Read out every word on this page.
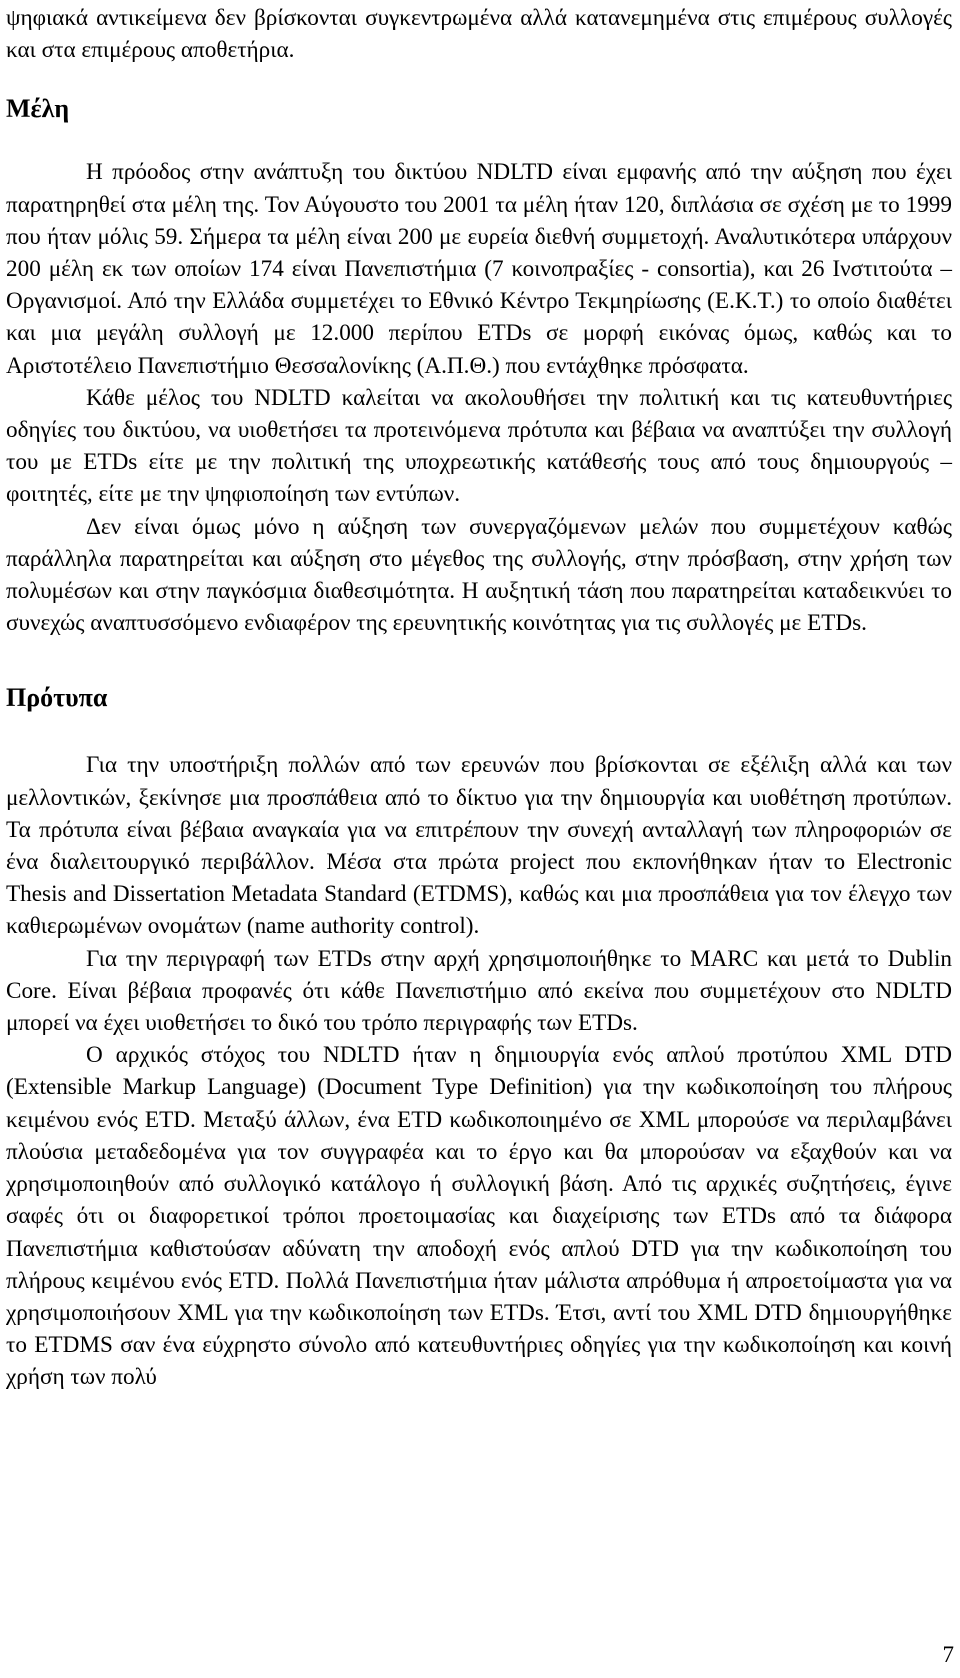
ψηφιακά αντικείμενα δεν βρίσκονται συγκεντρωμένα αλλά κατανεμημένα στις επιμέρους συλλογές και στα επιμέρους αποθετήρια.

Μέλη

Η πρόοδος στην ανάπτυξη του δικτύου NDLTD είναι εμφανής από την αύξηση που έχει παρατηρηθεί στα μέλη της. Τον Αύγουστο του 2001 τα μέλη ήταν 120, διπλάσια σε σχέση με το 1999 που ήταν μόλις 59. Σήμερα τα μέλη είναι 200 με ευρεία διεθνή συμμετοχή. Αναλυτικότερα υπάρχουν 200 μέλη εκ των οποίων 174 είναι Πανεπιστήμια (7 κοινοπραξίες - consortia), και 26 Ινστιτούτα – Οργανισμοί. Από την Ελλάδα συμμετέχει το Εθνικό Κέντρο Τεκμηρίωσης (Ε.Κ.Τ.) το οποίο διαθέτει και μια μεγάλη συλλογή με 12.000 περίπου ETDs σε μορφή εικόνας όμως, καθώς και το Αριστοτέλειο Πανεπιστήμιο Θεσσαλονίκης (Α.Π.Θ.) που εντάχθηκε πρόσφατα.

Κάθε μέλος του NDLTD καλείται να ακολουθήσει την πολιτική και τις κατευθυντήριες οδηγίες του δικτύου, να υιοθετήσει τα προτεινόμενα πρότυπα και βέβαια να αναπτύξει την συλλογή του με ETDs είτε με την πολιτική της υποχρεωτικής κατάθεσής τους από τους δημιουργούς – φοιτητές, είτε με την ψηφιοποίηση των εντύπων.

Δεν είναι όμως μόνο η αύξηση των συνεργαζόμενων μελών που συμμετέχουν καθώς παράλληλα παρατηρείται και αύξηση στο μέγεθος της συλλογής, στην πρόσβαση, στην χρήση των πολυμέσων και στην παγκόσμια διαθεσιμότητα. Η αυξητική τάση που παρατηρείται καταδεικνύει το συνεχώς αναπτυσσόμενο ενδιαφέρον της ερευνητικής κοινότητας για τις συλλογές με ETDs.

Πρότυπα

Για την υποστήριξη πολλών από των ερευνών που βρίσκονται σε εξέλιξη αλλά και των μελλοντικών, ξεκίνησε μια προσπάθεια από το δίκτυο για την δημιουργία και υιοθέτηση προτύπων. Τα πρότυπα είναι βέβαια αναγκαία για να επιτρέπουν την συνεχή ανταλλαγή των πληροφοριών σε ένα διαλειτουργικό περιβάλλον. Μέσα στα πρώτα project που εκπονήθηκαν ήταν το Electronic Thesis and Dissertation Metadata Standard (ETDMS), καθώς και μια προσπάθεια για τον έλεγχο των καθιερωμένων ονομάτων (name authority control).

Για την περιγραφή των ETDs στην αρχή χρησιμοποιήθηκε το MARC και μετά το Dublin Core. Είναι βέβαια προφανές ότι κάθε Πανεπιστήμιο από εκείνα που συμμετέχουν στο NDLTD μπορεί να έχει υιοθετήσει το δικό του τρόπο περιγραφής των ETDs.

Ο αρχικός στόχος του NDLTD ήταν η δημιουργία ενός απλού προτύπου XML DTD (Extensible Markup Language) (Document Type Definition) για την κωδικοποίηση του πλήρους κειμένου ενός ETD. Μεταξύ άλλων, ένα ETD κωδικοποιημένο σε XML μπορούσε να περιλαμβάνει πλούσια μεταδεδομένα για τον συγγραφέα και το έργο και θα μπορούσαν να εξαχθούν και να χρησιμοποιηθούν από συλλογικό κατάλογο ή συλλογική βάση. Από τις αρχικές συζητήσεις, έγινε σαφές ότι οι διαφορετικοί τρόποι προετοιμασίας και διαχείρισης των ETDs από τα διάφορα Πανεπιστήμια καθιστούσαν αδύνατη την αποδοχή ενός απλού DTD για την κωδικοποίηση του πλήρους κειμένου ενός ETD. Πολλά Πανεπιστήμια ήταν μάλιστα απρόθυμα ή απροετοίμαστα για να χρησιμοποιήσουν XML για την κωδικοποίηση των ETDs. Έτσι, αντί του XML DTD δημιουργήθηκε το ETDMS σαν ένα εύχρηστο σύνολο από κατευθυντήριες οδηγίες για την κωδικοποίηση και κοινή χρήση των πολύ

7
